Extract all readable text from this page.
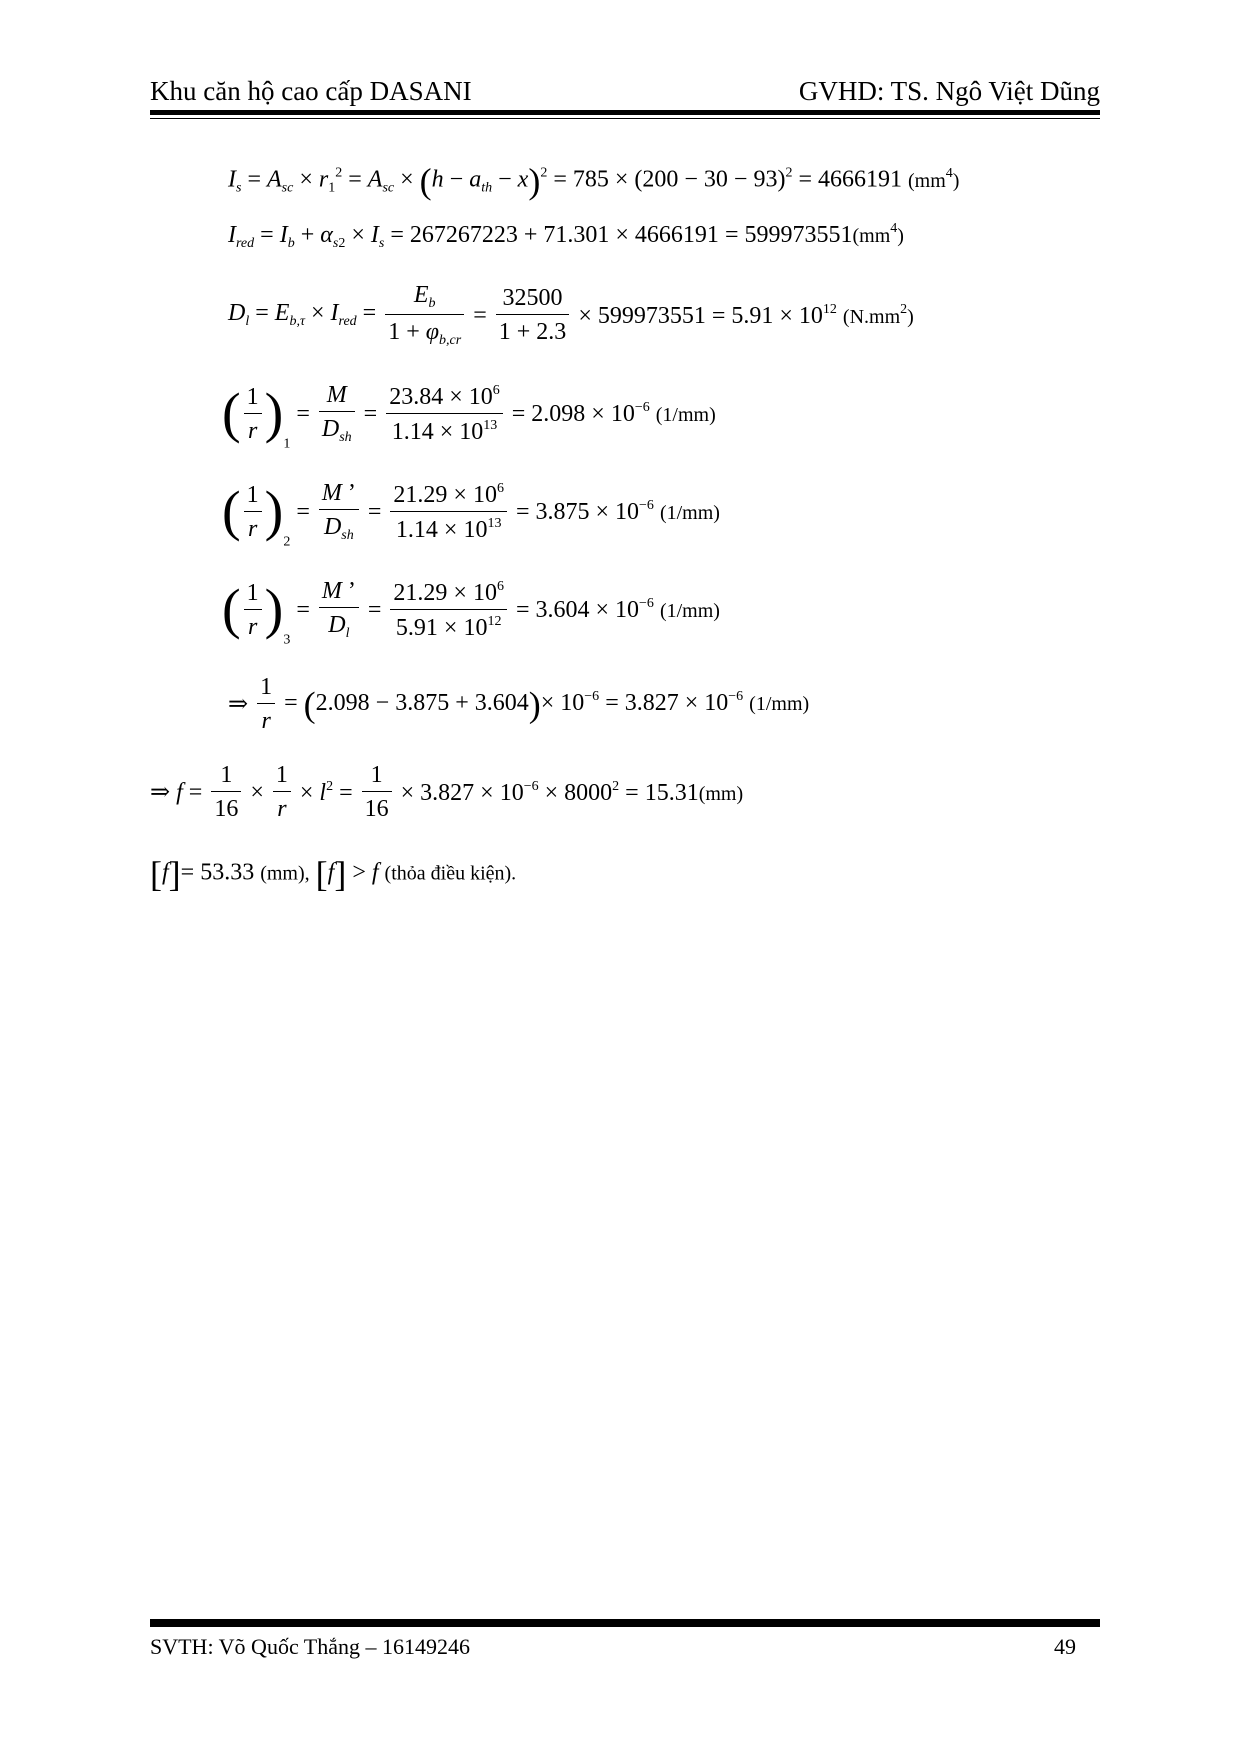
Khu căn hộ cao cấp DASANI	GVHD: TS. Ngô Việt Dũng
$I_s = A_{sc} \times r_1^2 = A_{sc} \times (h - a_{th} - x)^2 = 785 \times (200 - 30 - 93)^2 = 4666191$ $(mm^4)$
$I_{red} = I_b + \alpha_{s2} \times I_s = 267267223 + 71.301 \times 4666191 = 599973551(mm^4)$
$D_l = E_{b,\tau} \times I_{red} = \frac{E_b}{1 + \varphi_{b,cr}} = \frac{32500}{1 + 2.3} \times 599973551 = 5.91 \times 10^{12}$ $(N.mm^2)$
( $\frac{1}{r} )_1 = \frac{M}{D_{sh}} = \frac{23.84 \times 10^6}{1.14 \times 10^{13}} = 2.098 \times 10^{-6}$ (1/mm)
( $\frac{1}{r} )_2 = \frac{M ’}{D_{sh}} = \frac{21.29 \times 10^6}{1.14 \times 10^{13}} = 3.875 \times 10^{-6}$ (1/mm)
( $\frac{1}{r} )_3 = \frac{M ’}{D_l} = \frac{21.29 \times 10^6}{5.91 \times 10^{12}} = 3.604 \times 10^{-6}$ (1/mm)
⇒ $\frac{1}{r} = (2.098 - 3.875 + 3.604)\times 10^{-6} = 3.827 \times 10^{-6}$ (1/mm)
⇒ $f = \frac{1}{16} \times \frac{1}{r} \times l^2 = \frac{1}{16} \times 3.827 \times 10^{-6} \times 8000^2 = 15.31(mm)$
[f]= 53.33 (mm), [f] > f (thỏa điều kiện).
SVTH: Võ Quốc Thắng – 16149246	49
